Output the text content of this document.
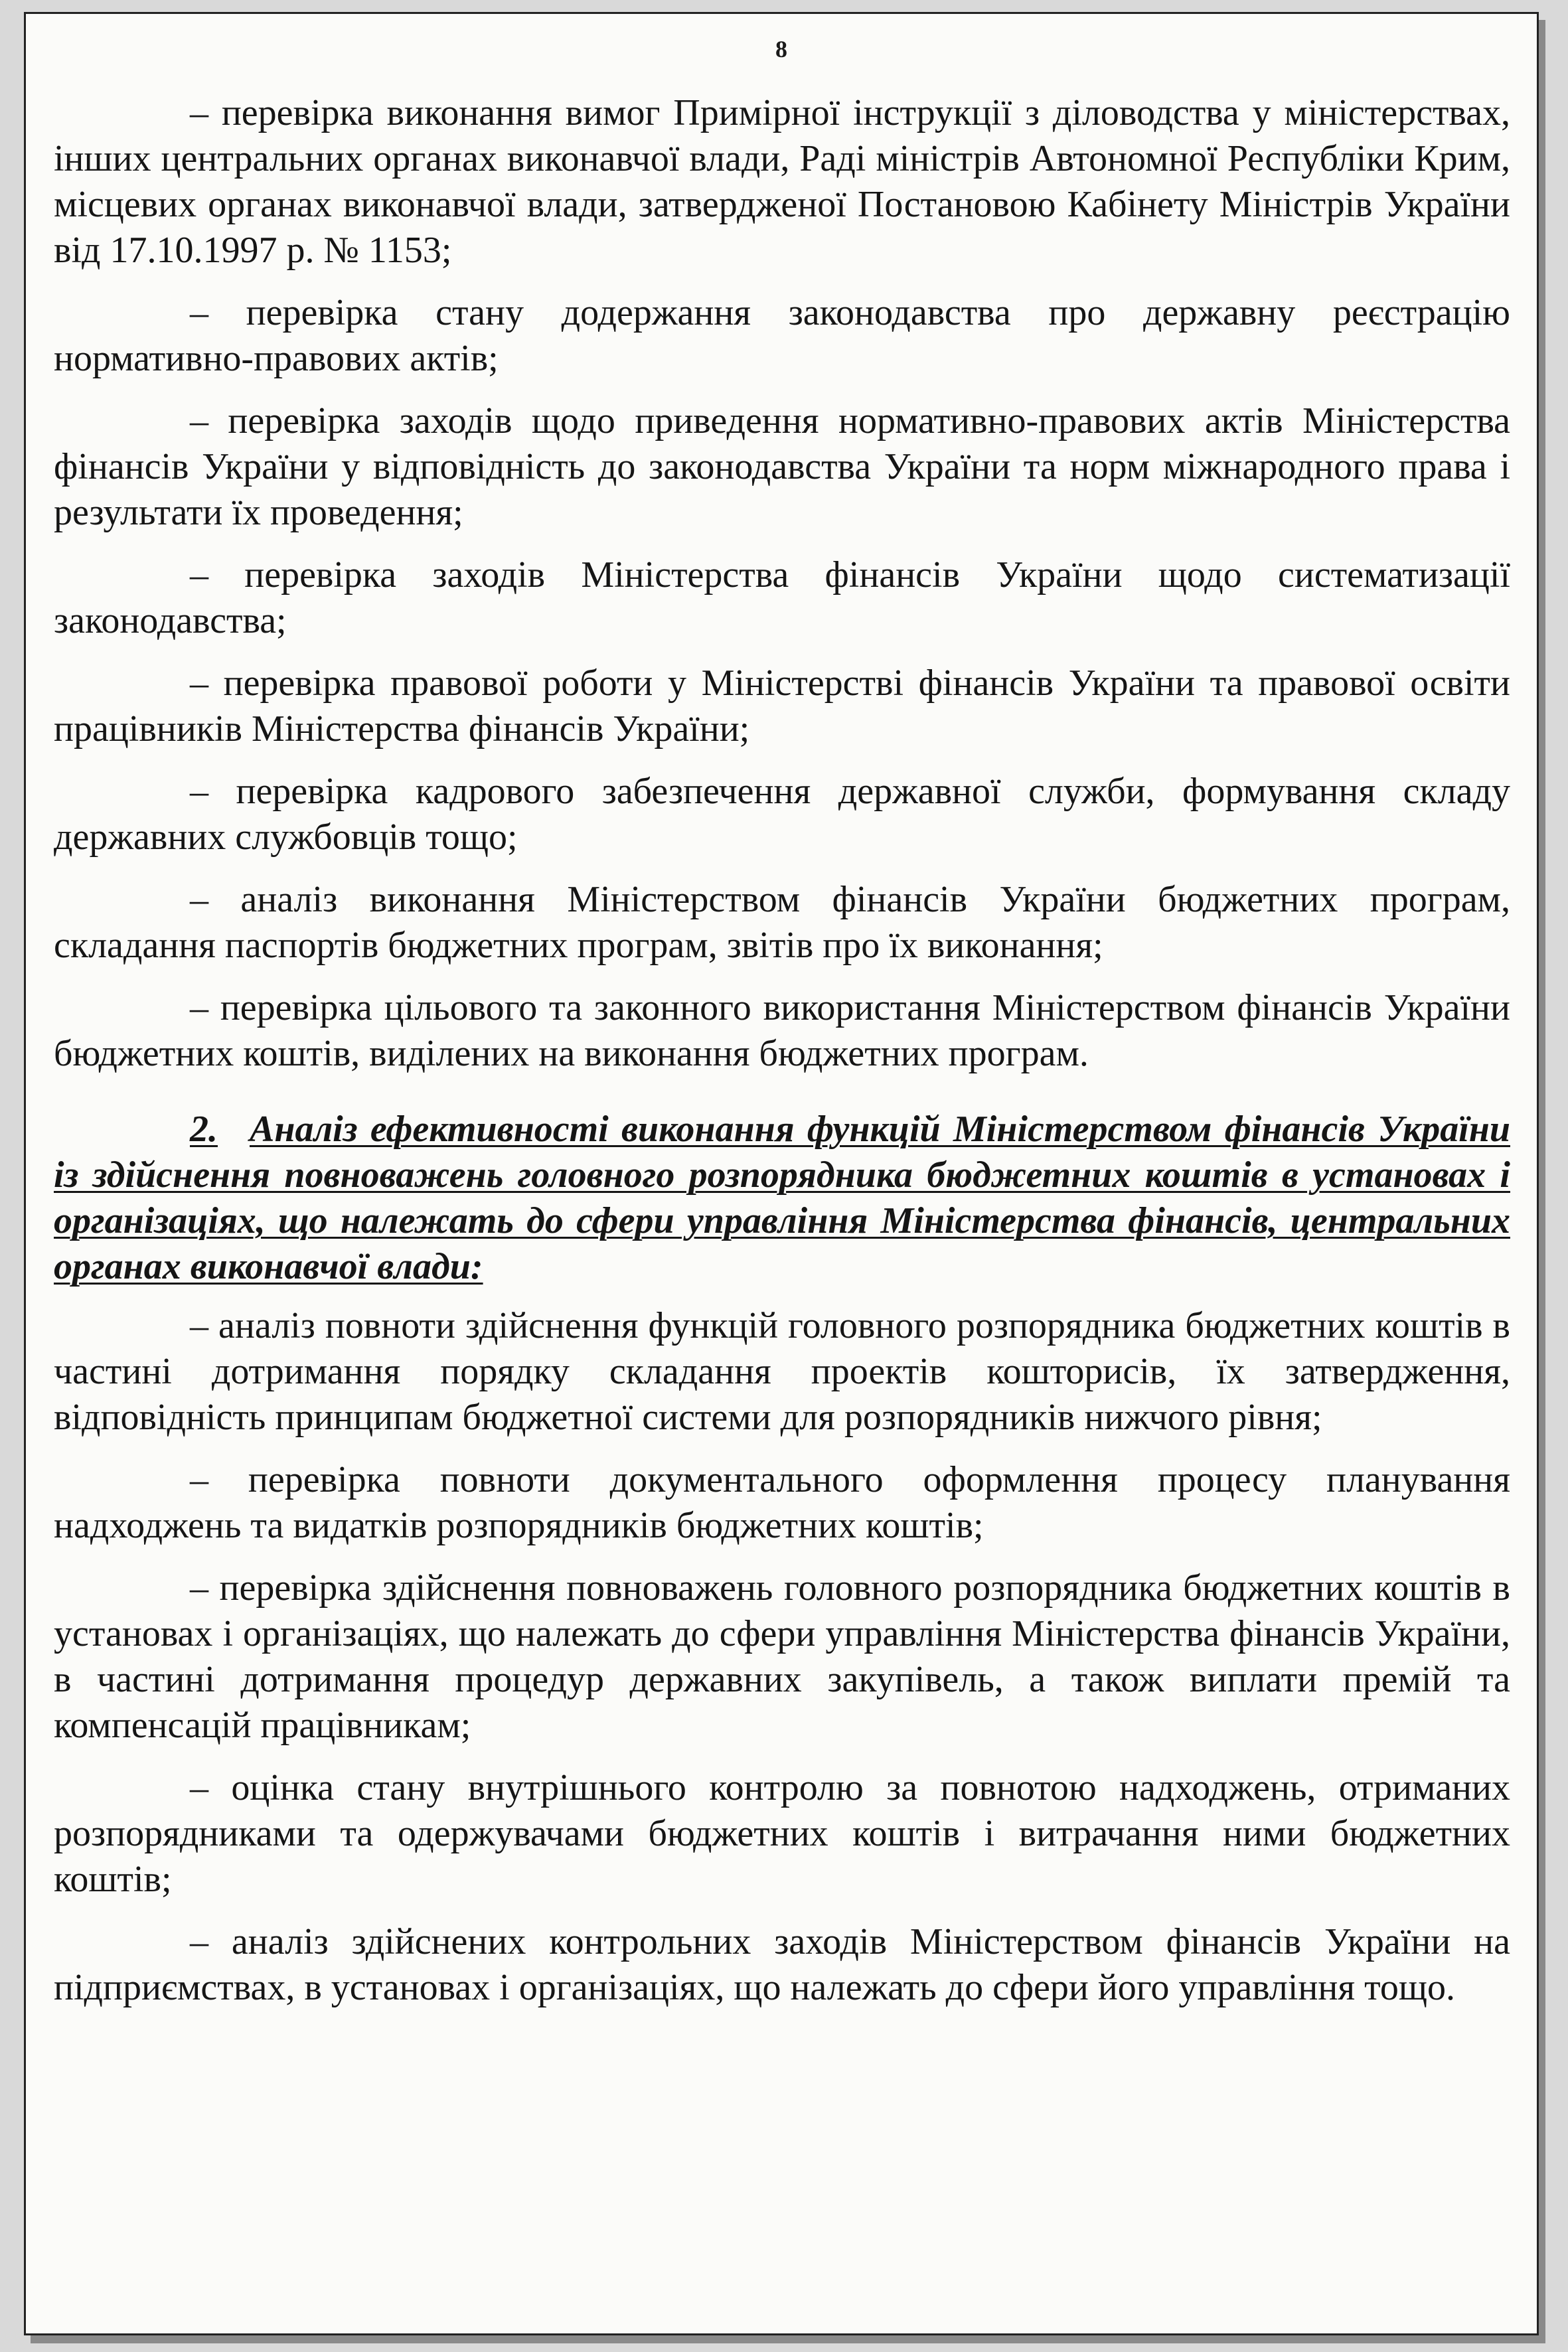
8

– перевірка виконання вимог Примірної інструкції з діловодства у міністерствах, інших центральних органах виконавчої влади, Раді міністрів Автономної Республіки Крим, місцевих органах виконавчої влади, затвердженої Постановою Кабінету Міністрів України від 17.10.1997 р. № 1153;

– перевірка стану додержання законодавства про державну реєстрацію нормативно-правових актів;

– перевірка заходів щодо приведення нормативно-правових актів Міністерства фінансів України у відповідність до законодавства України та норм міжнародного права і результати їх проведення;

– перевірка заходів Міністерства фінансів України щодо систематизації законодавства;

– перевірка правової роботи у Міністерстві фінансів України та правової освіти працівників Міністерства фінансів України;

– перевірка кадрового забезпечення державної служби, формування складу державних службовців тощо;

– аналіз виконання Міністерством фінансів України бюджетних програм, складання паспортів бюджетних програм, звітів про їх виконання;

– перевірка цільового та законного використання Міністерством фінансів України бюджетних коштів, виділених на виконання бюджетних програм.

2. Аналіз ефективності виконання функцій Міністерством фінансів України із здійснення повноважень головного розпорядника бюджетних коштів в установах і організаціях, що належать до сфери управління Міністерства фінансів, центральних органах виконавчої влади:

– аналіз повноти здійснення функцій головного розпорядника бюджетних коштів в частині дотримання порядку складання проектів кошторисів, їх затвердження, відповідність принципам бюджетної системи для розпорядників нижчого рівня;

– перевірка повноти документального оформлення процесу планування надходжень та видатків розпорядників бюджетних коштів;

– перевірка здійснення повноважень головного розпорядника бюджетних коштів в установах і організаціях, що належать до сфери управління Міністерства фінансів України, в частині дотримання процедур державних закупівель, а також виплати премій та компенсацій працівникам;

– оцінка стану внутрішнього контролю за повнотою надходжень, отриманих розпорядниками та одержувачами бюджетних коштів і витрачання ними бюджетних коштів;

– аналіз здійснених контрольних заходів Міністерством фінансів України на підприємствах, в установах і організаціях, що належать до сфери його управління тощо.
